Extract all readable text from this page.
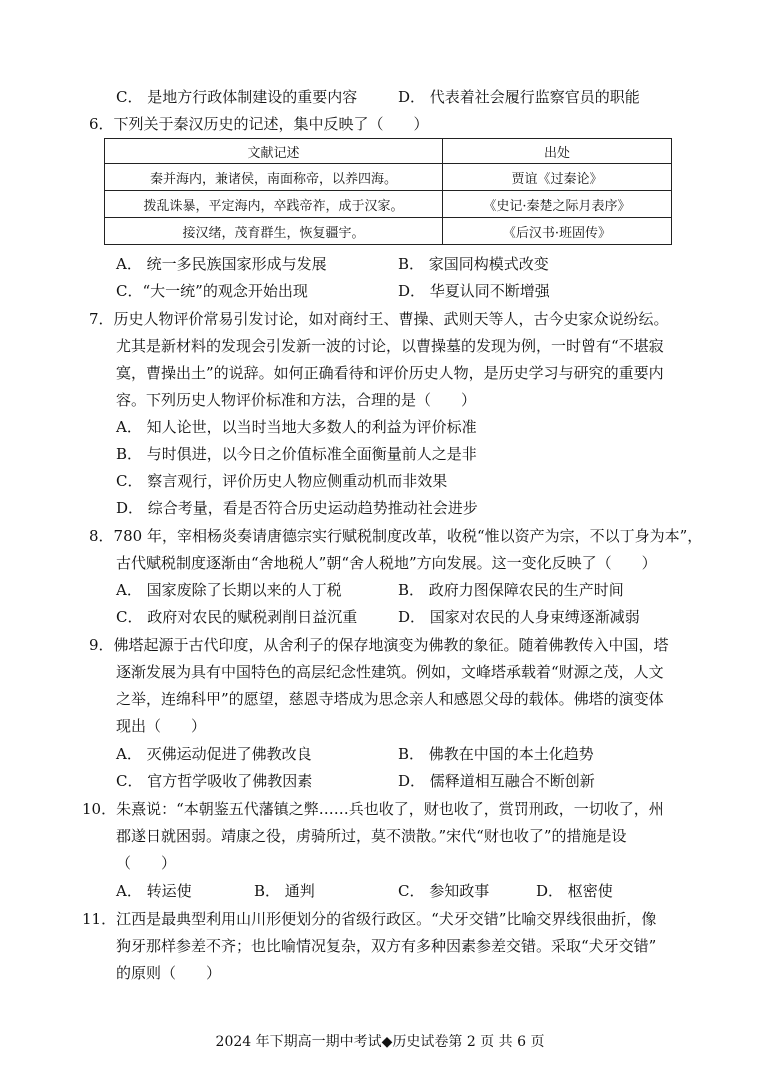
C． 是地方行政体制建设的重要内容	D． 代表着社会履行监察官员的职能
6．下列关于秦汉历史的记述，集中反映了（　　）
文献记述	出处
秦并海内，兼诸侯，南面称帝，以养四海。	贾谊《过秦论》
拨乱诛暴，平定海内，卒践帝祚，成于汉家。	《史记·秦楚之际月表序》
接汉绪，茂育群生，恢复疆宇。	《后汉书·班固传》
A． 统一多民族国家形成与发展	B． 家国同构模式改变
C．“大一统”的观念开始出现	D． 华夏认同不断增强
7．历史人物评价常易引发讨论，如对商纣王、曹操、武则天等人，古今史家众说纷纭。
尤其是新材料的发现会引发新一波的讨论，以曹操墓的发现为例，一时曾有“不堪寂
寞，曹操出土”的说辞。如何正确看待和评价历史人物，是历史学习与研究的重要内
容。下列历史人物评价标准和方法，合理的是（　　）
A． 知人论世，以当时当地大多数人的利益为评价标准
B． 与时俱进，以今日之价值标准全面衡量前人之是非
C． 察言观行，评价历史人物应侧重动机而非效果
D． 综合考量，看是否符合历史运动趋势推动社会进步
8．780 年，宰相杨炎奏请唐德宗实行赋税制度改革，收税“惟以资产为宗，不以丁身为本”，
古代赋税制度逐渐由“舍地税人”朝“舍人税地”方向发展。这一变化反映了（　　）
A． 国家废除了长期以来的人丁税	B． 政府力图保障农民的生产时间
C． 政府对农民的赋税剥削日益沉重	D． 国家对农民的人身束缚逐渐减弱
9．佛塔起源于古代印度，从舍利子的保存地演变为佛教的象征。随着佛教传入中国，塔
逐渐发展为具有中国特色的高层纪念性建筑。例如，文峰塔承载着“财源之茂，人文
之举，连绵科甲”的愿望，慈恩寺塔成为思念亲人和感恩父母的载体。佛塔的演变体
现出（　　）
A． 灭佛运动促进了佛教改良	B． 佛教在中国的本土化趋势
C． 官方哲学吸收了佛教因素	D． 儒释道相互融合不断创新
10．朱熹说：“本朝鉴五代藩镇之弊……兵也收了，财也收了，赏罚刑政，一切收了，州
郡遂日就困弱。靖康之役，虏骑所过，莫不溃散。”宋代“财也收了”的措施是设
（　　）
A． 转运使	B． 通判	C． 参知政事	D． 枢密使
11．江西是最典型利用山川形便划分的省级行政区。“犬牙交错”比喻交界线很曲折，像
狗牙那样参差不齐；也比喻情况复杂，双方有多种因素参差交错。采取“犬牙交错”
的原则（　　）
2024 年下期高一期中考试◆历史试卷第 2 页 共 6 页
